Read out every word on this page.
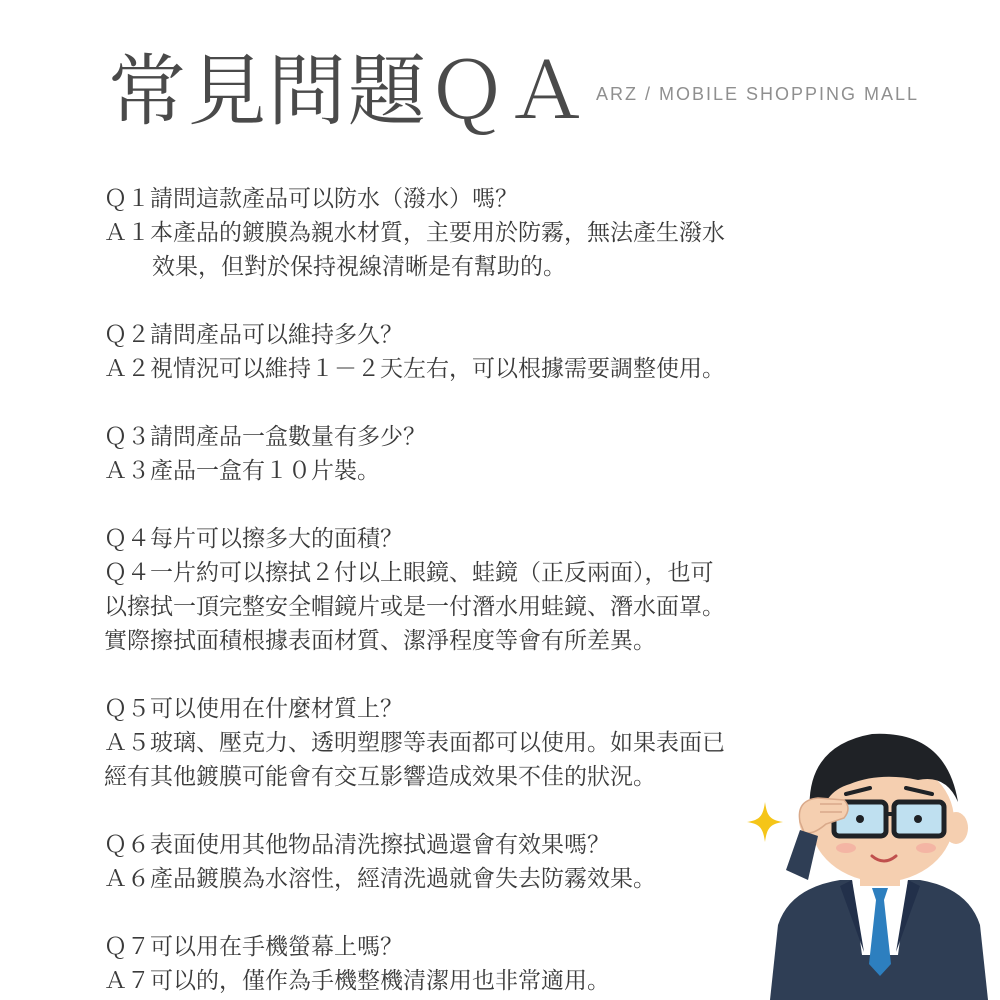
常見問題ＱＡ ARZ / MOBILE SHOPPING MALL
Ｑ１請問這款產品可以防水（潑水）嗎？
Ａ１本產品的鍍膜為親水材質，主要用於防霧，無法產生潑水
效果，但對於保持視線清晰是有幫助的。
Ｑ２請問產品可以維持多久？
Ａ２視情況可以維持１－２天左右，可以根據需要調整使用。
Ｑ３請問產品一盒數量有多少？
Ａ３產品一盒有１０片裝。
Ｑ４每片可以擦多大的面積？
Ｑ４一片約可以擦拭２付以上眼鏡、蛙鏡（正反兩面），也可
以擦拭一頂完整安全帽鏡片或是一付潛水用蛙鏡、潛水面罩。
實際擦拭面積根據表面材質、潔淨程度等會有所差異。
Ｑ５可以使用在什麼材質上？
Ａ５玻璃、壓克力、透明塑膠等表面都可以使用。如果表面已
經有其他鍍膜可能會有交互影響造成效果不佳的狀況。
Ｑ６表面使用其他物品清洗擦拭過還會有效果嗎？
Ａ６產品鍍膜為水溶性，經清洗過就會失去防霧效果。
Ｑ７可以用在手機螢幕上嗎？
Ａ７可以的，僅作為手機整機清潔用也非常適用。
